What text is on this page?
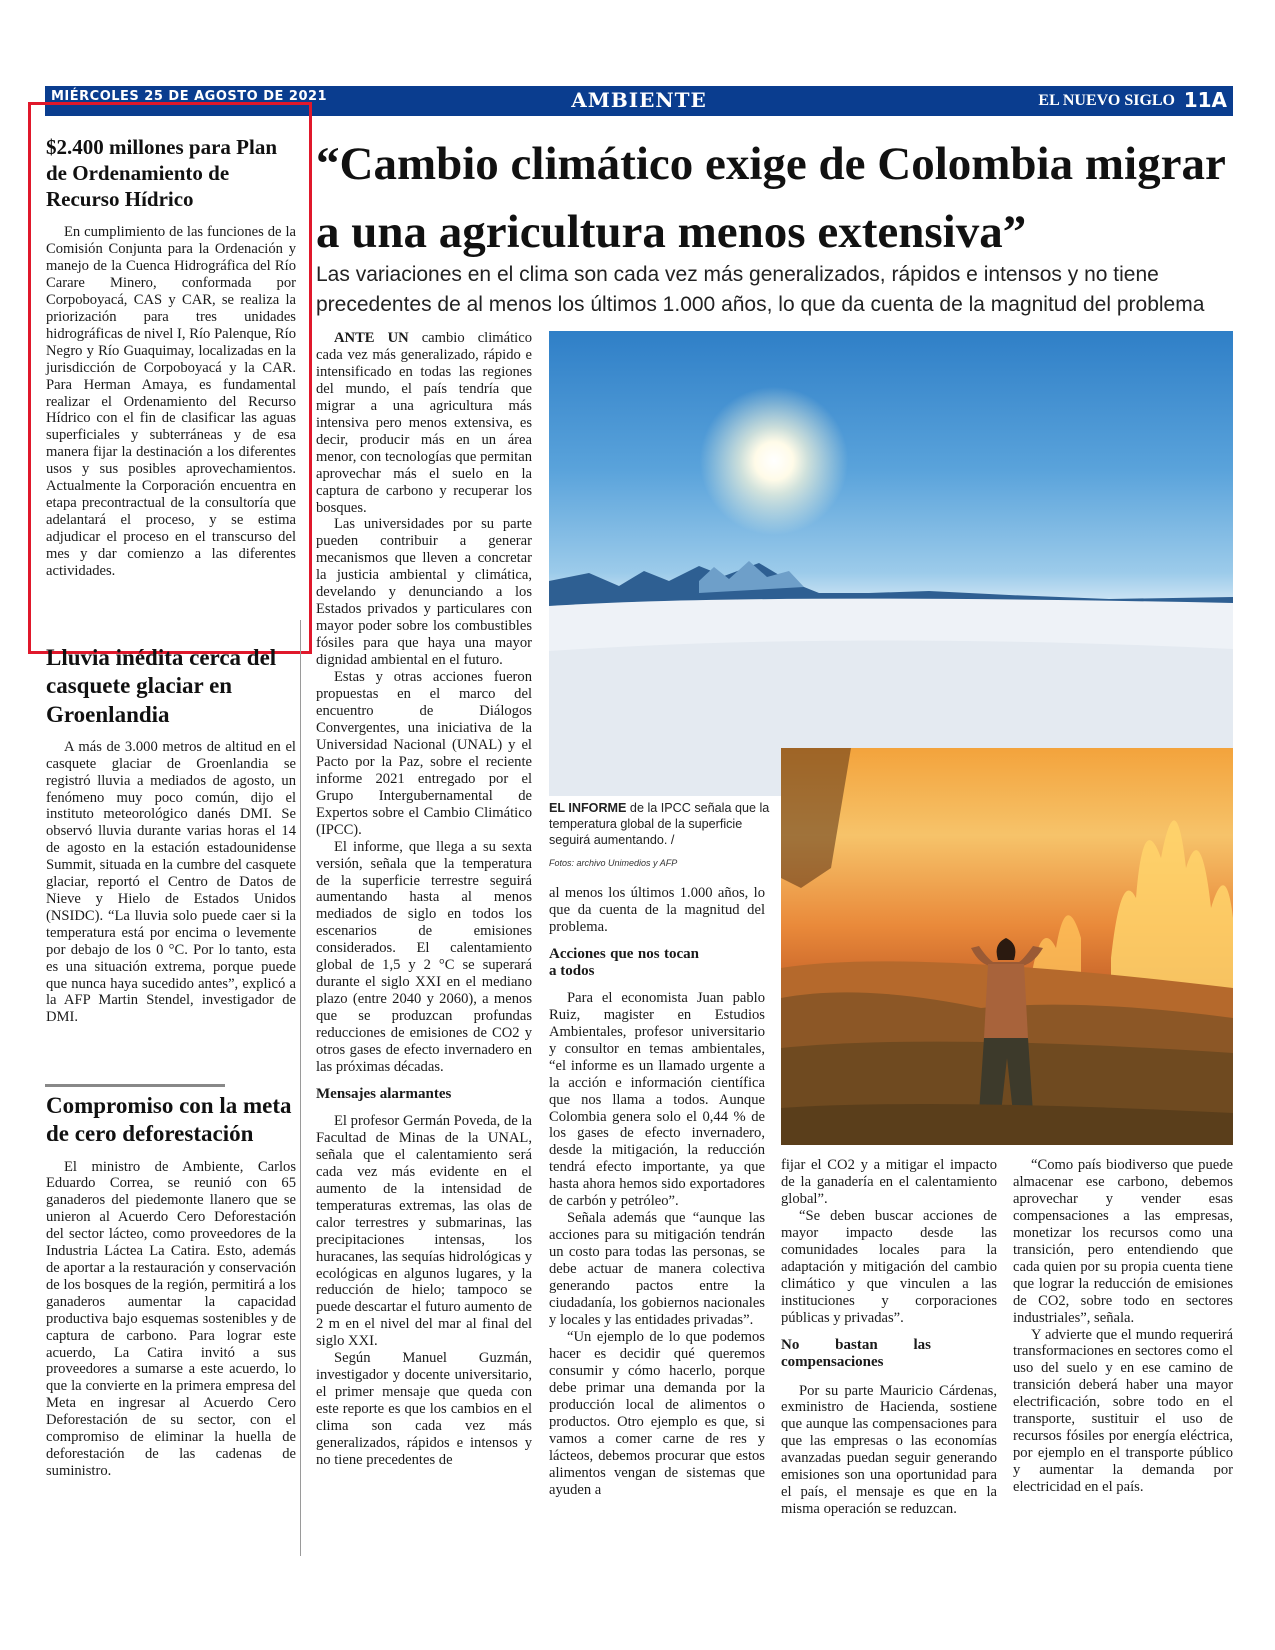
MIÉRCOLES 25 DE AGOSTO DE 2021	AMBIENTE	EL NUEVO SIGLO 11A
$2.400 millones para Plan de Ordenamiento de Recurso Hídrico

En cumplimiento de las funciones de la Comisión Conjunta para la Ordenación y manejo de la Cuenca Hidrográfica del Río Carare Minero, conformada por Corpoboyacá, CAS y CAR, se realiza la priorización para tres unidades hidrográficas de nivel I, Río Palenque, Río Negro y Río Guaquimay, localizadas en la jurisdicción de Corpoboyacá y la CAR. Para Herman Amaya, es fundamental realizar el Ordenamiento del Recurso Hídrico con el fin de clasificar las aguas superficiales y subterráneas y de esa manera fijar la destinación a los diferentes usos y sus posibles aprovechamientos. Actualmente la Corporación encuentra en etapa precontractual de la consultoría que adelantará el proceso, y se estima adjudicar el proceso en el transcurso del mes y dar comienzo a las diferentes actividades.

Lluvia inédita cerca del casquete glaciar en Groenlandia

A más de 3.000 metros de altitud en el casquete glaciar de Groenlandia se registró lluvia a mediados de agosto, un fenómeno muy poco común, dijo el instituto meteorológico danés DMI. Se observó lluvia durante varias horas el 14 de agosto en la estación estadounidense Summit, situada en la cumbre del casquete glaciar, reportó el Centro de Datos de Nieve y Hielo de Estados Unidos (NSIDC). “La lluvia solo puede caer si la temperatura está por encima o levemente por debajo de los 0 °C. Por lo tanto, esta es una situación extrema, porque puede que nunca haya sucedido antes”, explicó a la AFP Martin Stendel, investigador de DMI.

Compromiso con la meta de cero deforestación

El ministro de Ambiente, Carlos Eduardo Correa, se reunió con 65 ganaderos del piedemonte llanero que se unieron al Acuerdo Cero Deforestación del sector lácteo, como proveedores de la Industria Láctea La Catira. Esto, además de aportar a la restauración y conservación de los bosques de la región, permitirá a los ganaderos aumentar la capacidad productiva bajo esquemas sostenibles y de captura de carbono. Para lograr este acuerdo, La Catira invitó a sus proveedores a sumarse a este acuerdo, lo que la convierte en la primera empresa del Meta en ingresar al Acuerdo Cero Deforestación de su sector, con el compromiso de eliminar la huella de deforestación de las cadenas de suministro.

“Cambio climático exige de Colombia migrar a una agricultura menos extensiva”
Las variaciones en el clima son cada vez más generalizados, rápidos e intensos y no tiene precedentes de al menos los últimos 1.000 años, lo que da cuenta de la magnitud del problema
EL INFORME de la IPCC señala que la temperatura global de la superficie seguirá aumentando. /
Fotos: archivo Unimedios y AFP

ANTE UN cambio climático cada vez más generalizado, rápido e intensificado en todas las regiones del mundo, el país tendría que migrar a una agricultura más intensiva pero menos extensiva, es decir, producir más en un área menor, con tecnologías que permitan aprovechar más el suelo en la captura de carbono y recuperar los bosques.

Las universidades por su parte pueden contribuir a generar mecanismos que lleven a concretar la justicia ambiental y climática, develando y denunciando a los Estados privados y particulares con mayor poder sobre los combustibles fósiles para que haya una mayor dignidad ambiental en el futuro.

Estas y otras acciones fueron propuestas en el marco del encuentro de Diálogos Convergentes, una iniciativa de la Universidad Nacional (UNAL) y el Pacto por la Paz, sobre el reciente informe 2021 entregado por el Grupo Intergubernamental de Expertos sobre el Cambio Climático (IPCC).

El informe, que llega a su sexta versión, señala que la temperatura de la superficie terrestre seguirá aumentando hasta al menos mediados de siglo en todos los escenarios de emisiones considerados. El calentamiento global de 1,5 y 2 °C se superará durante el siglo XXI en el mediano plazo (entre 2040 y 2060), a menos que se produzcan profundas reducciones de emisiones de CO2 y otros gases de efecto invernadero en las próximas décadas.

Mensajes alarmantes

El profesor Germán Poveda, de la Facultad de Minas de la UNAL, señala que el calentamiento será cada vez más evidente en el aumento de la intensidad de temperaturas extremas, las olas de calor terrestres y submarinas, las precipitaciones intensas, los huracanes, las sequías hidrológicas y ecológicas en algunos lugares, y la reducción de hielo; tampoco se puede descartar el futuro aumento de 2 m en el nivel del mar al final del siglo XXI.

Según Manuel Guzmán, investigador y docente universitario, el primer mensaje que queda con este reporte es que los cambios en el clima son cada vez más generalizados, rápidos e intensos y no tiene precedentes de

al menos los últimos 1.000 años, lo que da cuenta de la magnitud del problema.

Acciones que nos tocan a todos

Para el economista Juan pablo Ruiz, magister en Estudios Ambientales, profesor universitario y consultor en temas ambientales, “el informe es un llamado urgente a la acción e información científica que nos llama a todos. Aunque Colombia genera solo el 0,44 % de los gases de efecto invernadero, desde la mitigación, la reducción tendrá efecto importante, ya que hasta ahora hemos sido exportadores de carbón y petróleo”.

Señala además que “aunque las acciones para su mitigación tendrán un costo para todas las personas, se debe actuar de manera colectiva generando pactos entre la ciudadanía, los gobiernos nacionales y locales y las entidades privadas”.

“Un ejemplo de lo que podemos hacer es decidir qué queremos consumir y cómo hacerlo, porque debe primar una demanda por la producción local de alimentos o productos. Otro ejemplo es que, si vamos a comer carne de res y lácteos, debemos procurar que estos alimentos vengan de sistemas que ayuden a

fijar el CO2 y a mitigar el impacto de la ganadería en el calentamiento global”.

“Se deben buscar acciones de mayor impacto desde las comunidades locales para la adaptación y mitigación del cambio climático y que vinculen a las instituciones y corporaciones públicas y privadas”.

No bastan las compensaciones

Por su parte Mauricio Cárdenas, exministro de Hacienda, sostiene que aunque las compensaciones para que las empresas o las economías avanzadas puedan seguir generando emisiones son una oportunidad para el país, el mensaje es que en la misma operación se reduzcan.

“Como país biodiverso que puede almacenar ese carbono, debemos aprovechar y vender esas compensaciones a las empresas, monetizar los recursos como una transición, pero entendiendo que cada quien por su propia cuenta tiene que lograr la reducción de emisiones de CO2, sobre todo en sectores industriales”, señala.

Y advierte que el mundo requerirá transformaciones en sectores como el uso del suelo y en ese camino de transición deberá haber una mayor electrificación, sobre todo en el transporte, sustituir el uso de recursos fósiles por energía eléctrica, por ejemplo en el transporte público y aumentar la demanda por electricidad en el país.
